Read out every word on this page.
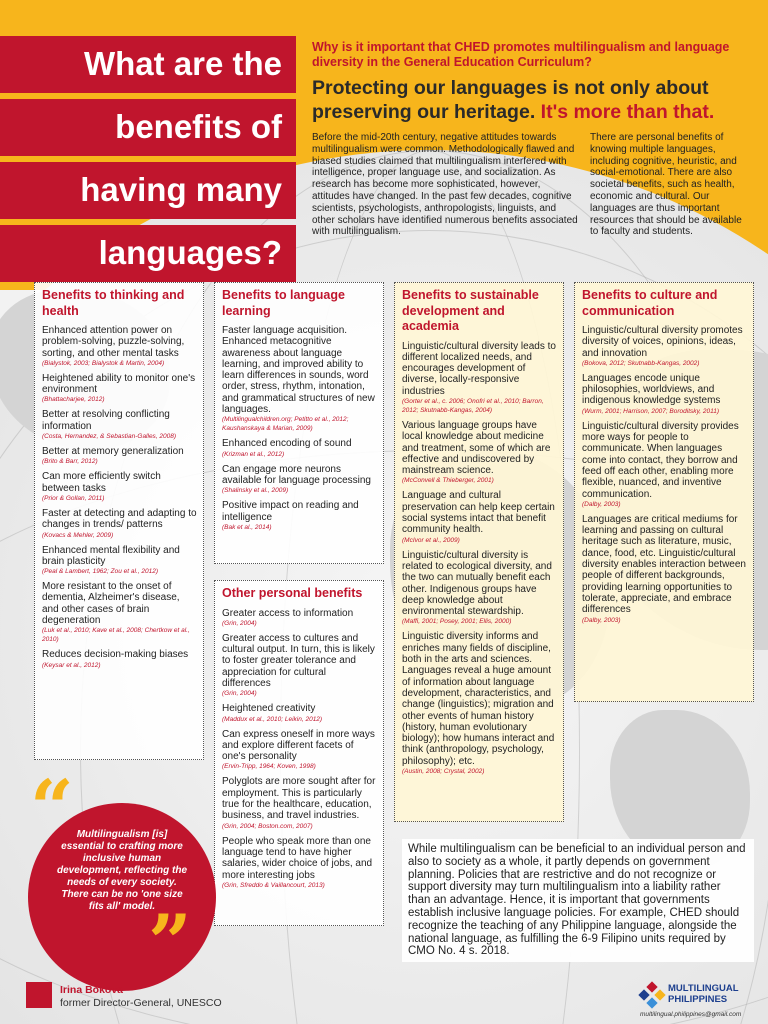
What are the
benefits of
having many
languages?
Why is it important that CHED promotes multilingualism and language diversity in the General Education Curriculum?
Protecting our languages is not only about preserving our heritage. It's more than that.
Before the mid-20th century, negative attitudes towards multilingualism were common. Methodologically flawed and biased studies claimed that multilingualism interfered with intelligence, proper language use, and socialization. As research has become more sophisticated, however, attitudes have changed. In the past few decades, cognitive scientists, psychologists, anthropologists, linguists, and other scholars have identified numerous benefits associated with multilingualism.
There are personal benefits of knowing multiple languages, including cognitive, heuristic, and social-emotional. There are also societal benefits, such as health, economic and cultural. Our languages are thus important resources that should be available to faculty and students.
Benefits to thinking and health
Enhanced attention power on problem-solving, puzzle-solving, sorting, and other mental tasks
(Bialystok, 2003; Bialystok & Martin, 2004)
Heightened ability to monitor one's environment
(Bhattacharjee, 2012)
Better at resolving conflicting information
(Costa, Hernandez, & Sebastian-Galles, 2008)
Better at memory generalization
(Brito & Barr, 2012)
Can more efficiently switch between tasks
(Prior & Gollan, 2011)
Faster at detecting and adapting to changes in trends/ patterns
(Kovacs & Mehler, 2009)
Enhanced mental flexibility and brain plasticity
(Peal & Lambert, 1962; Zou et al., 2012)
More resistant to the onset of dementia, Alzheimer's disease, and other cases of brain degeneration
(Luk et al., 2010; Kave et al., 2008; Chertkow et al., 2010)
Reduces decision-making biases
(Keysar et al., 2012)
Benefits to language learning
Faster language acquisition. Enhanced metacognitive awareness about language learning, and improved ability to learn differences in sounds, word order, stress, rhythm, intonation, and grammatical structures of new languages.
(Multilingualchildren.org; Petitto et al., 2012; Kaushanskaya & Marian, 2009)
Enhanced encoding of sound
(Krizman et al., 2012)
Can engage more neurons available for language processing
(Shalinsky et al., 2009)
Positive impact on reading and intelligence
(Bak et al., 2014)
Other personal benefits
Greater access to information
(Grin, 2004)
Greater access to cultures and cultural output. In turn, this is likely to foster greater tolerance and appreciation for cultural differences
(Grin, 2004)
Heightened creativity
(Maddux et al., 2010; Leikin, 2012)
Can express oneself in more ways and explore different facets of one's personality
(Ervin-Tripp, 1964; Koven, 1998)
Polyglots are more sought after for employment. This is particularly true for the healthcare, education, business, and travel industries.
(Grin, 2004; Boston.com, 2007)
People who speak more than one language tend to have higher salaries, wider choice of jobs, and more interesting jobs
(Grin, Sfreddo & Vaillancourt, 2013)
Benefits to sustainable development and academia
Linguistic/cultural diversity leads to different localized needs, and encourages development of diverse, locally-responsive industries
(Gorter et al., c. 2006; Onofri et al., 2010; Barron, 2012; Skutnabb-Kangas, 2004)
Various language groups have local knowledge about medicine and treatment, some of which are effective and undiscovered by mainstream science.
(McConvell & Thieberger, 2001)
Language and cultural preservation can help keep certain social systems intact that benefit community health.
(McIvor et al., 2009)
Linguistic/cultural diversity is related to ecological diversity, and the two can mutually benefit each other. Indigenous groups have deep knowledge about environmental stewardship.
(Maffi, 2001; Posey, 2001; Ellis, 2000)
Linguistic diversity informs and enriches many fields of discipline, both in the arts and sciences. Languages reveal a huge amount of information about language development, characteristics, and change (linguistics); migration and other events of human history (history, human evolutionary biology); how humans interact and think (anthropology, psychology, philosophy); etc.
(Austin, 2008; Crystal, 2002)
Benefits to culture and communication
Linguistic/cultural diversity promotes diversity of voices, opinions, ideas, and innovation
(Bokova, 2012; Skutnabb-Kangas, 2002)
Languages encode unique philosophies, worldviews, and indigenous knowledge systems
(Wurm, 2001; Harrison, 2007; Boroditsky, 2011)
Linguistic/cultural diversity provides more ways for people to communicate. When languages come into contact, they borrow and feed off each other, enabling more flexible, nuanced, and inventive communication.
(Dalby, 2003)
Languages are critical mediums for learning and passing on cultural heritage such as literature, music, dance, food, etc. Linguistic/cultural diversity enables interaction between people of different backgrounds, providing learning opportunities to tolerate, appreciate, and embrace differences
(Dalby, 2003)
“ Multilingualism [is] essential to crafting more inclusive human development, reflecting the needs of every society. There can be no 'one size fits all' model.
”
Irina Bokova
former Director-General, UNESCO
While multilingualism can be beneficial to an individual person and also to society as a whole, it partly depends on government planning. Policies that are restrictive and do not recognize or support diversity may turn multilingualism into a liability rather than an advantage. Hence, it is important that governments establish inclusive language policies. For example, CHED should recognize the teaching of any Philippine language, alongside the national language, as fulfilling the 6-9 Filipino units required by CMO No. 4 s. 2018.
MULTILINGUAL
PHILIPPINES
multilingual.philippines@gmail.com
